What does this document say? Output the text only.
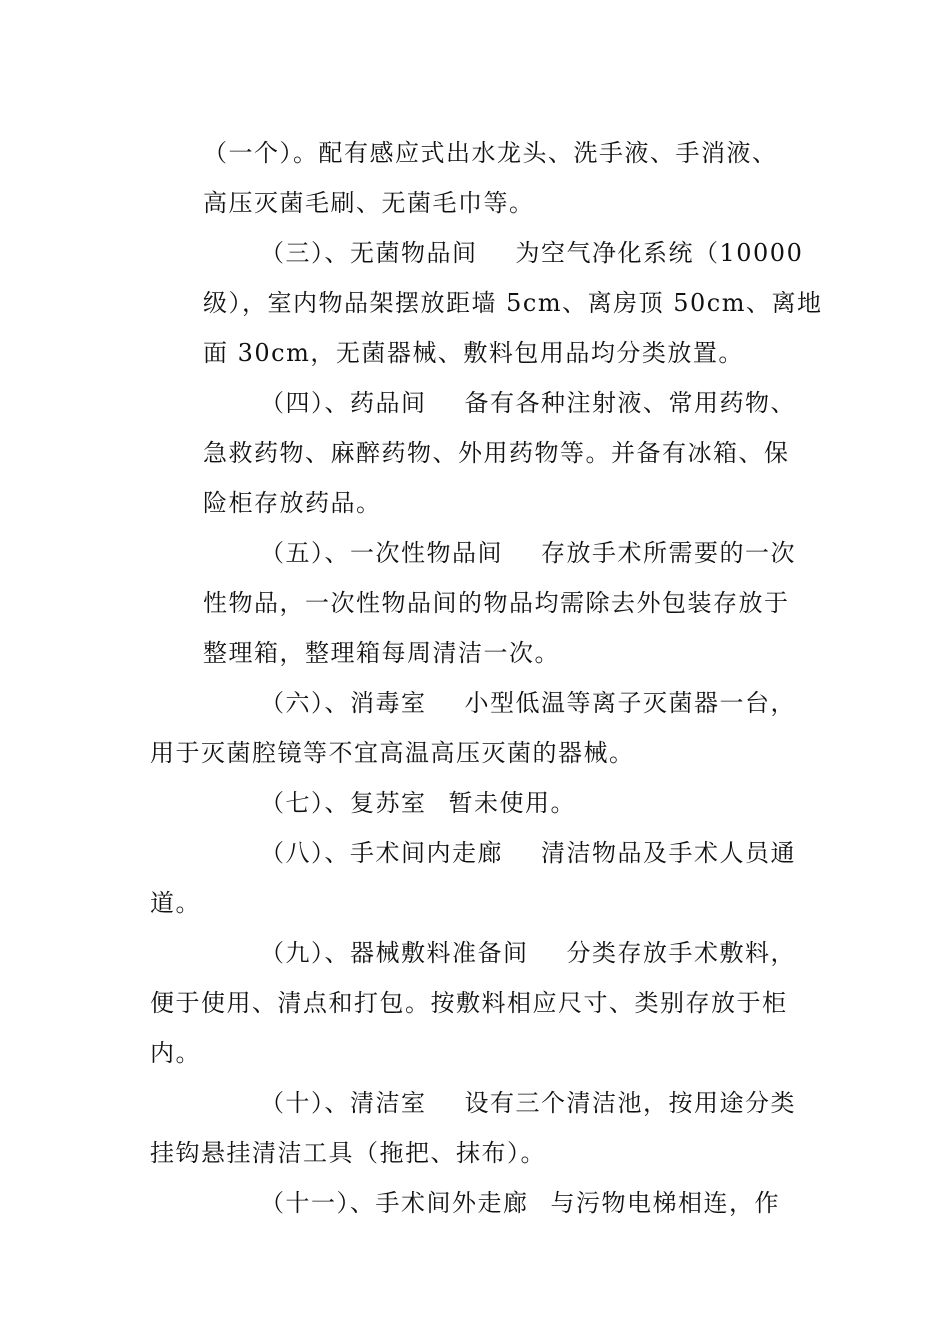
（一个）。配有感应式出水龙头、洗手液、手消液、
高压灭菌毛刷、无菌毛巾等。
（三）、无菌物品间 为空气净化系统（10000
级），室内物品架摆放距墙 5cm、离房顶 50cm、离地
面 30cm，无菌器械、敷料包用品均分类放置。
（四）、药品间 备有各种注射液、常用药物、
急救药物、麻醉药物、外用药物等。并备有冰箱、保
险柜存放药品。
（五）、一次性物品间 存放手术所需要的一次
性物品，一次性物品间的物品均需除去外包装存放于
整理箱，整理箱每周清洁一次。
（六）、消毒室 小型低温等离子灭菌器一台，
用于灭菌腔镜等不宜高温高压灭菌的器械。
（七）、复苏室 暂未使用。
（八）、手术间内走廊 清洁物品及手术人员通
道。
（九）、器械敷料准备间 分类存放手术敷料，
便于使用、清点和打包。按敷料相应尺寸、类别存放于柜
内。
（十）、清洁室 设有三个清洁池，按用途分类
挂钩悬挂清洁工具（拖把、抹布）。
（十一）、手术间外走廊 与污物电梯相连，作
